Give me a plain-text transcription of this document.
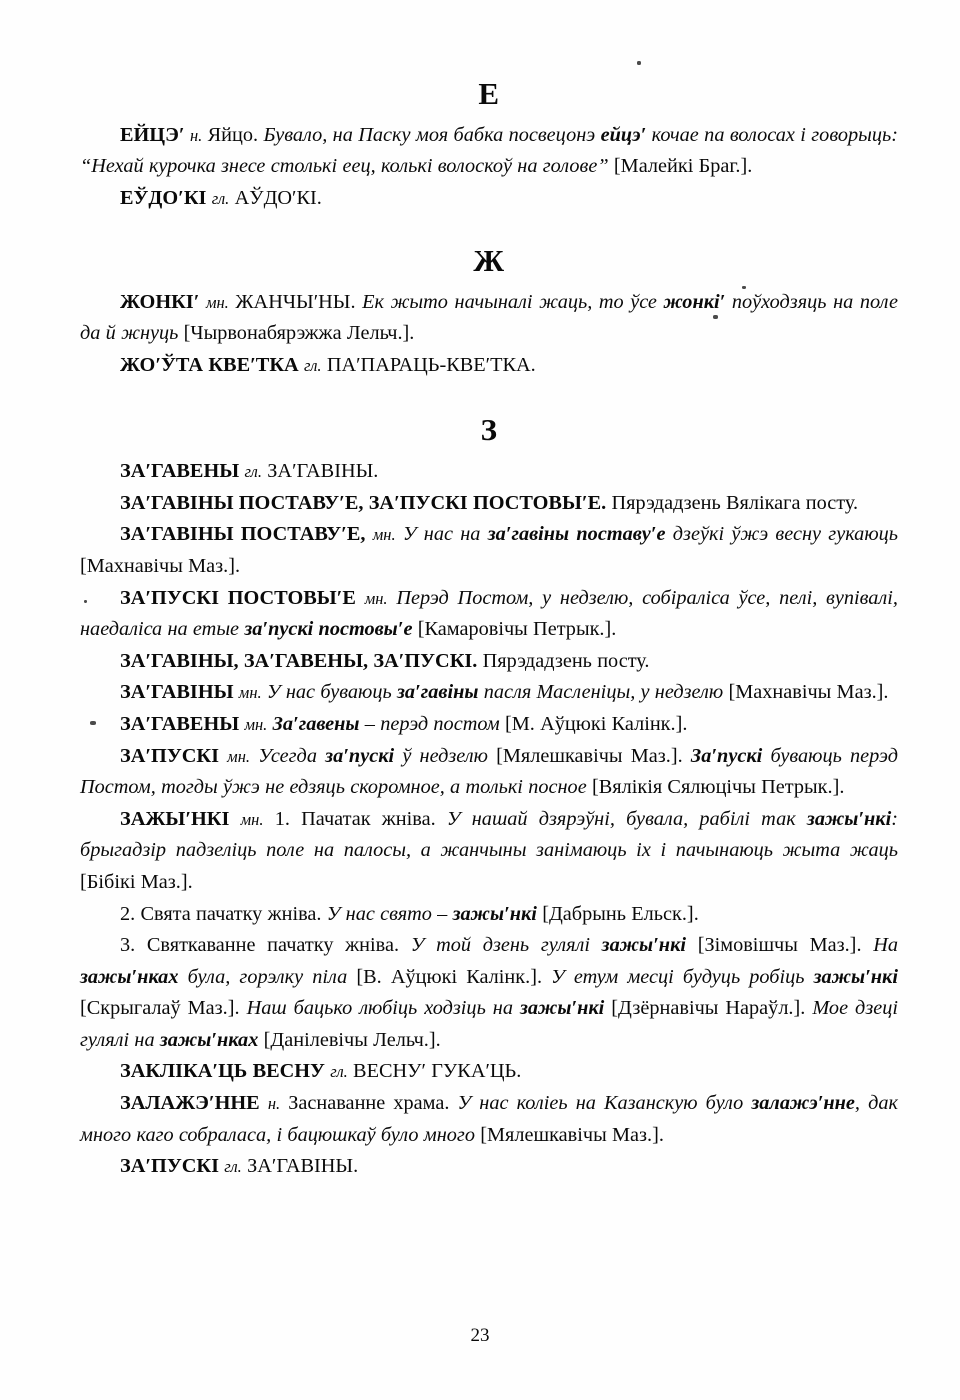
Е

ЕЙЦЭ′ н. Яйцо. Бувало, на Паску моя бабка посвецонэ ейцэ′ кочае па волосах і говорыць: “Нехай курочка знесе столькі еец, колькі волоскоў на голове” [Малейкі Браг.].

ЕЎДО′КІ гл. АЎДО′КІ.

Ж

ЖОНКІ′ мн. ЖАНЧЫ′НЫ. Ек жыто начыналі жаць, то ўсе жонкі′ поўходзяць на поле да й жнуць [Чырвонабярэжжа Лельч.].

ЖО′ЎТА КВЕ′ТКА гл. ПА′ПАРАЦЬ-КВЕ′ТКА.

З

ЗА′ГАВЕНЫ гл. ЗА′ГАВІНЫ.

ЗА′ГАВІНЫ ПОСТАВУ′Е, ЗА′ПУСКІ ПОСТОВЫ′Е. Пярэдадзень Вялікага посту.

ЗА′ГАВІНЫ ПОСТАВУ′Е, мн. У нас на за′гавіны поставу′е дзеўкі ўжэ весну гукаюць [Махнавічы Маз.].

ЗА′ПУСКІ ПОСТОВЫ′Е мн. Перэд Постом, у недзелю, собіраліса ўсе, пелі, вупівалі, наедаліса на етые за′пускі постовы′е [Камаровічы Петрык.].

ЗА′ГАВІНЫ, ЗА′ГАВЕНЫ, ЗА′ПУСКІ. Пярэдадзень посту.

ЗА′ГАВІНЫ мн. У нас буваюць за′гавіны пасля Масленіцы, у недзелю [Махнавічы Маз.].

ЗА′ГАВЕНЫ мн. За′гавены – перэд постом [М. Аўцюкі Калінк.].

ЗА′ПУСКІ мн. Усегда за′пускі ў недзелю [Мялешкавічы Маз.]. За′пускі буваюць перэд Постом, тогды ўжэ не едзяць скоромное, а толькі посное [Вялікія Сялюцічы Петрык.].

ЗАЖЫ′НКІ мн. 1. Пачатак жніва. У нашай дзярэўні, бувала, рабілі так зажы′нкі: брыгадзір падзеліць поле на палосы, а жанчыны занімаюць іх і пачынаюць жыта жаць [Бібікі Маз.].

2. Свята пачатку жніва. У нас свято – зажы′нкі [Дабрынь Ельск.].

3. Святкаванне пачатку жніва. У той дзень гулялі зажы′нкі [Зімовішчы Маз.]. На зажы′нках була, горэлку піла [В. Аўцюкі Калінк.]. У етум месці будуць робіць зажы′нкі [Скрыгалаў Маз.]. Наш бацько любіць ходзіць на зажы′нкі [Дзёрнавічы Нараўл.]. Мое дзеці гулялі на зажы′нках [Данілевічы Лельч.].

ЗАКЛІКА′ЦЬ ВЕСНУ гл. ВЕСНУ′ ГУКА′ЦЬ.

ЗАЛАЖЭ′ННЕ н. Заснаванне храма. У нас коліеь на Казанскую було залажэ′нне, дак много каго собралаcа, і бацюшкаў було много [Мялешкавічы Маз.].

ЗА′ПУСКІ гл. ЗА′ГАВІНЫ.

23
